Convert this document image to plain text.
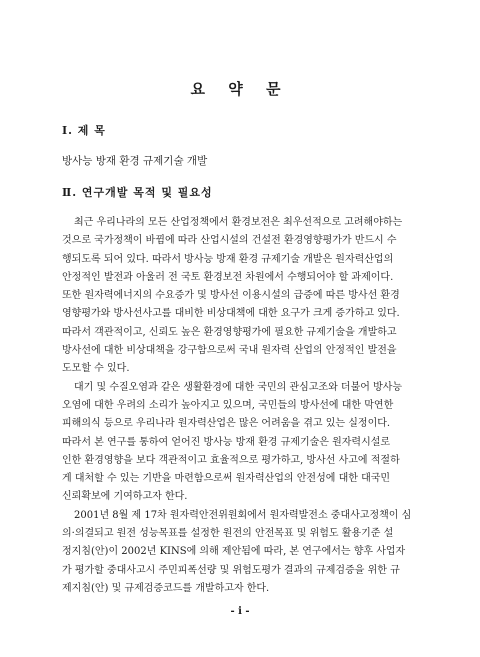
요 약 문
Ⅰ. 제 목
방사능 방재 환경 규제기술 개발
Ⅱ. 연구개발 목적 및 필요성
최근 우리나라의 모든 산업정책에서 환경보전은 최우선적으로 고려해야하는
것으로 국가정책이 바뀜에 따라 산업시설의 건설전 환경영향평가가 반드시 수
행되도록 되어 있다. 따라서 방사능 방재 환경 규제기술 개발은 원자력산업의
안정적인 발전과 아울러 전 국토 환경보전 차원에서 수행되어야 할 과제이다.
또한 원자력에너지의 수요증가 및 방사선 이용시설의 급증에 따른 방사선 환경
영향평가와 방사선사고를 대비한 비상대책에 대한 요구가 크게 증가하고 있다.
따라서 객관적이고, 신뢰도 높은 환경영향평가에 필요한 규제기술을 개발하고
방사선에 대한 비상대책을 강구함으로써 국내 원자력 산업의 안정적인 발전을
도모할 수 있다.
대기 및 수질오염과 같은 생활환경에 대한 국민의 관심고조와 더불어 방사능
오염에 대한 우려의 소리가 높아지고 있으며, 국민들의 방사선에 대한 막연한
피해의식 등으로 우리나라 원자력산업은 많은 어려움을 겪고 있는 실정이다.
따라서 본 연구를 통하여 얻어진 방사능 방재 환경 규제기술은 원자력시설로
인한 환경영향을 보다 객관적이고 효율적으로 평가하고, 방사선 사고에 적절하
게 대처할 수 있는 기반을 마련함으로써 원자력산업의 안전성에 대한 대국민
신뢰확보에 기여하고자 한다.
2001년 8월 제 17차 원자력안전위원회에서 원자력발전소 중대사고정책이 심
의·의결되고 원전 성능목표를 설정한 원전의 안전목표 및 위험도 활용기준 설
정지침(안)이 2002년 KINS에 의해 제안됨에 따라, 본 연구에서는 향후 사업자
가 평가할 중대사고시 주민피폭선량 및 위험도평가 결과의 규제검증을 위한 규
제지침(안) 및 규제검증코드를 개발하고자 한다.
- i -
